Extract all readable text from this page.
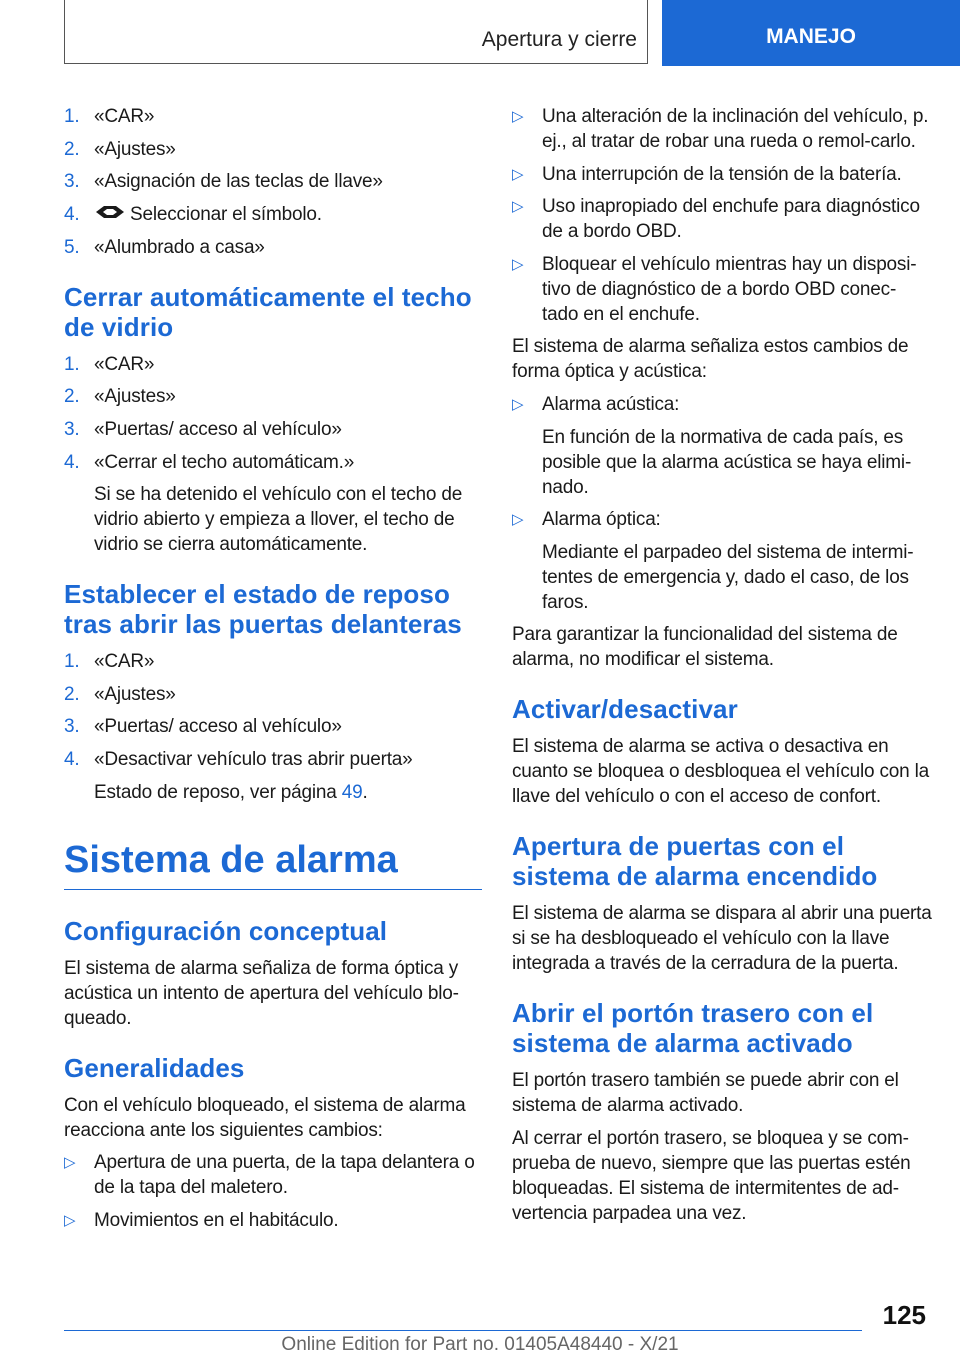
Apertura y cierre	MANEJO
1. «CAR»
2. «Ajustes»
3. «Asignación de las teclas de llave»
4.	Seleccionar el símbolo.
5. «Alumbrado a casa»
Cerrar automáticamente el techo de vidrio
1. «CAR»
2. «Ajustes»
3. «Puertas/ acceso al vehículo»
4. «Cerrar el techo automáticam.»
Si se ha detenido el vehículo con el techo de vidrio abierto y empieza a llover, el techo de vidrio se cierra automáticamente.
Establecer el estado de reposo tras abrir las puertas delanteras
1. «CAR»
2. «Ajustes»
3. «Puertas/ acceso al vehículo»
4. «Desactivar vehículo tras abrir puerta»
Estado de reposo, ver página 49.
Sistema de alarma
Configuración conceptual
El sistema de alarma señaliza de forma óptica y acústica un intento de apertura del vehículo blo-queado.
Generalidades
Con el vehículo bloqueado, el sistema de alarma reacciona ante los siguientes cambios:
▷ Apertura de una puerta, de la tapa delantera o de la tapa del maletero.
▷ Movimientos en el habitáculo.
▷ Una alteración de la inclinación del vehículo, p. ej., al tratar de robar una rueda o remol-carlo.
▷ Una interrupción de la tensión de la batería.
▷ Uso inapropiado del enchufe para diagnóstico de a bordo OBD.
▷ Bloquear el vehículo mientras hay un disposi-tivo de diagnóstico de a bordo OBD conec-tado en el enchufe.
El sistema de alarma señaliza estos cambios de forma óptica y acústica:
▷ Alarma acústica:
En función de la normativa de cada país, es posible que la alarma acústica se haya elimi-nado.
▷ Alarma óptica:
Mediante el parpadeo del sistema de intermi-tentes de emergencia y, dado el caso, de los faros.
Para garantizar la funcionalidad del sistema de alarma, no modificar el sistema.
Activar/desactivar
El sistema de alarma se activa o desactiva en cuanto se bloquea o desbloquea el vehículo con la llave del vehículo o con el acceso de confort.
Apertura de puertas con el sistema de alarma encendido
El sistema de alarma se dispara al abrir una puerta si se ha desbloqueado el vehículo con la llave integrada a través de la cerradura de la puerta.
Abrir el portón trasero con el sistema de alarma activado
El portón trasero también se puede abrir con el sistema de alarma activado.
Al cerrar el portón trasero, se bloquea y se com-prueba de nuevo, siempre que las puertas estén bloqueadas. El sistema de intermitentes de ad-vertencia parpadea una vez.
125
Online Edition for Part no. 01405A48440 - X/21
